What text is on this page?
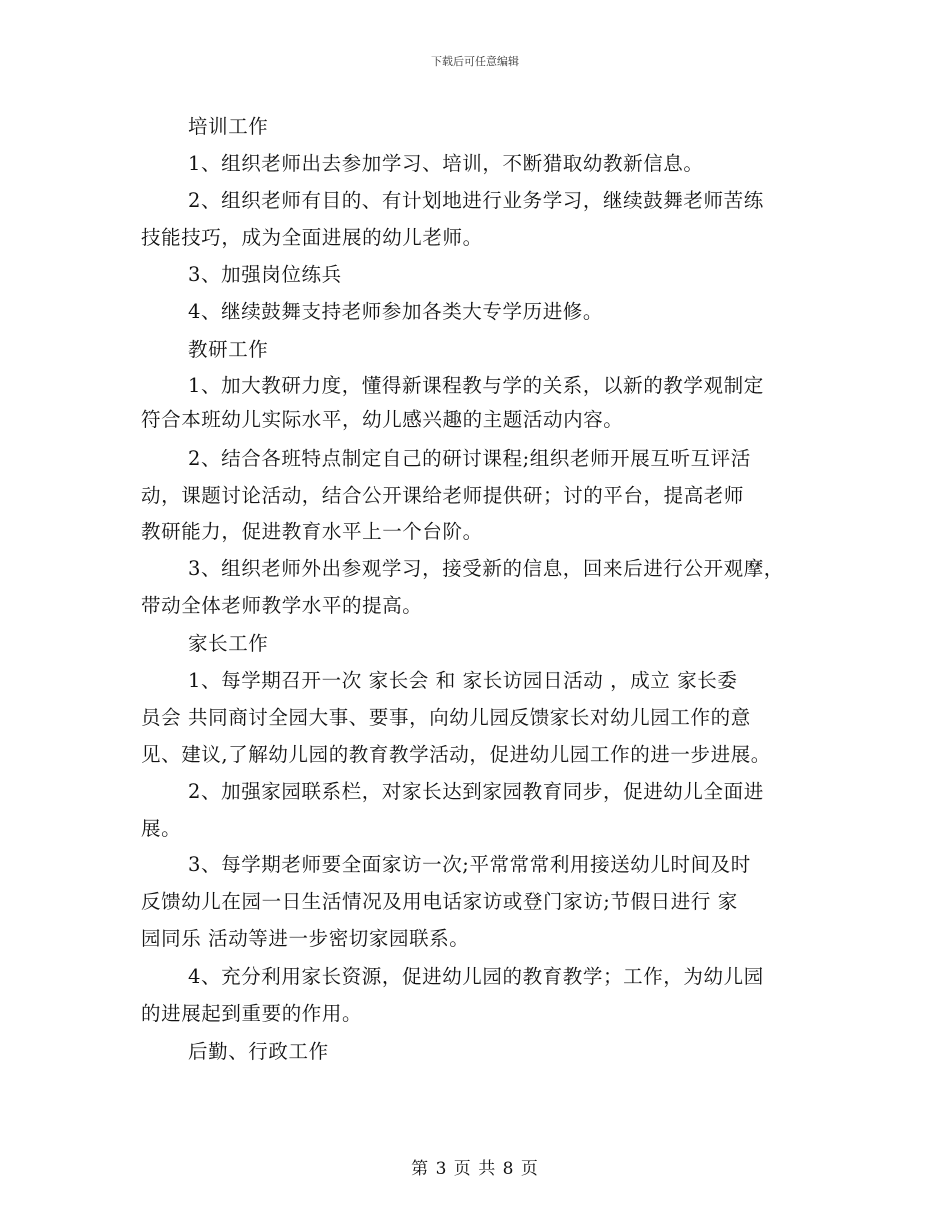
下载后可任意编辑
培训工作
1、组织老师出去参加学习、培训，不断猎取幼教新信息。
2、组织老师有目的、有计划地进行业务学习，继续鼓舞老师苦练
技能技巧，成为全面进展的幼儿老师。
3、加强岗位练兵
4、继续鼓舞支持老师参加各类大专学历进修。
教研工作
1、加大教研力度，懂得新课程教与学的关系，以新的教学观制定
符合本班幼儿实际水平，幼儿感兴趣的主题活动内容。
2、结合各班特点制定自己的研讨课程;组织老师开展互听互评活
动，课题讨论活动，结合公开课给老师提供研；讨的平台，提高老师
教研能力，促进教育水平上一个台阶。
3、组织老师外出参观学习，接受新的信息，回来后进行公开观摩，
带动全体老师教学水平的提高。
家长工作
1、每学期召开一次 家长会 和 家长访园日活动 ，成立 家长委
员会 共同商讨全园大事、要事，向幼儿园反馈家长对幼儿园工作的意
见、建议,了解幼儿园的教育教学活动，促进幼儿园工作的进一步进展。
2、加强家园联系栏，对家长达到家园教育同步，促进幼儿全面进
展。
3、每学期老师要全面家访一次;平常常常利用接送幼儿时间及时
反馈幼儿在园一日生活情况及用电话家访或登门家访;节假日进行 家
园同乐 活动等进一步密切家园联系。
4、充分利用家长资源，促进幼儿园的教育教学；工作，为幼儿园
的进展起到重要的作用。
后勤、行政工作
第 3 页 共 8 页
